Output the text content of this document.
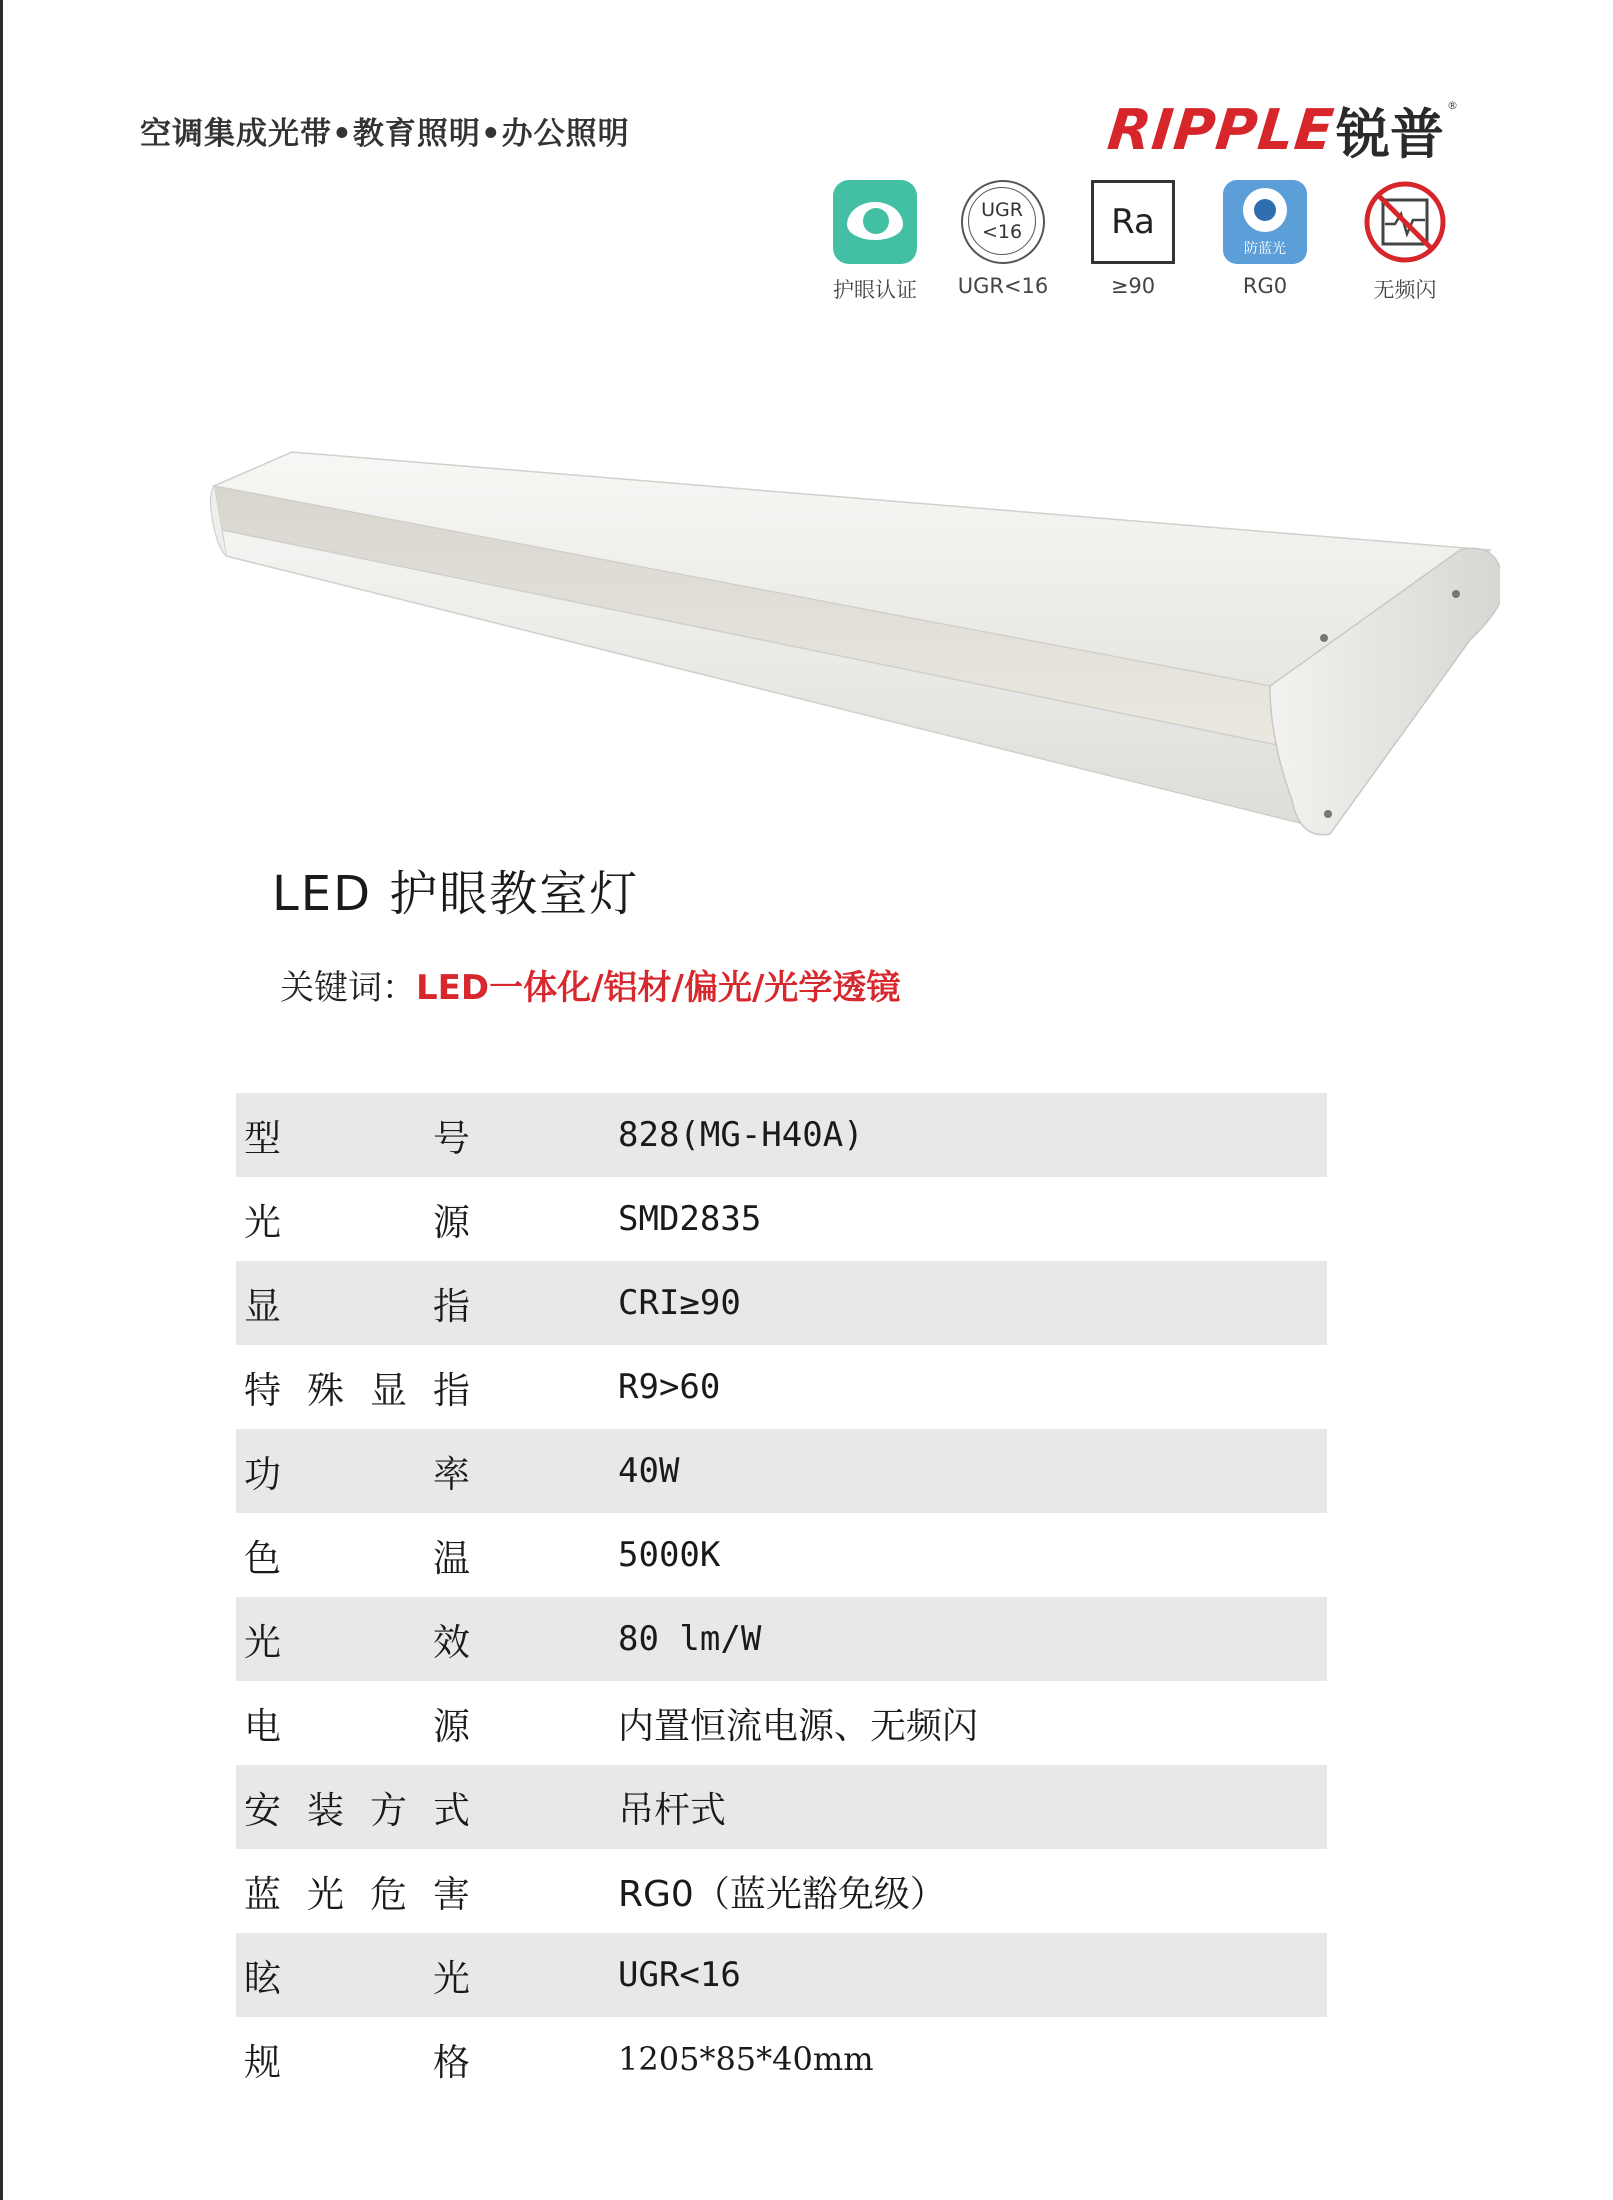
空调集成光带•教育照明•办公照明	RIPPLE
锐普 ®
护眼认证
UGR
<16
UGR<16
Ra
≥90
防蓝光
RG0	无频闪
LED 护眼教室灯
关键词：LED一体化/铝材/偏光/光学透镜
型	号	828(MG-H40A)
光	源	SMD2835
显	指	CRI≥90
特 殊 显 指	R9>60
功	率	40W
色	温	5000K
光	效	80 lm/W
电	源	内置恒流电源、无频闪
安 装 方 式	吊杆式
蓝 光 危 害	RG0（蓝光豁免级）
眩	光	UGR<16
规	格	1205*85*40mm
